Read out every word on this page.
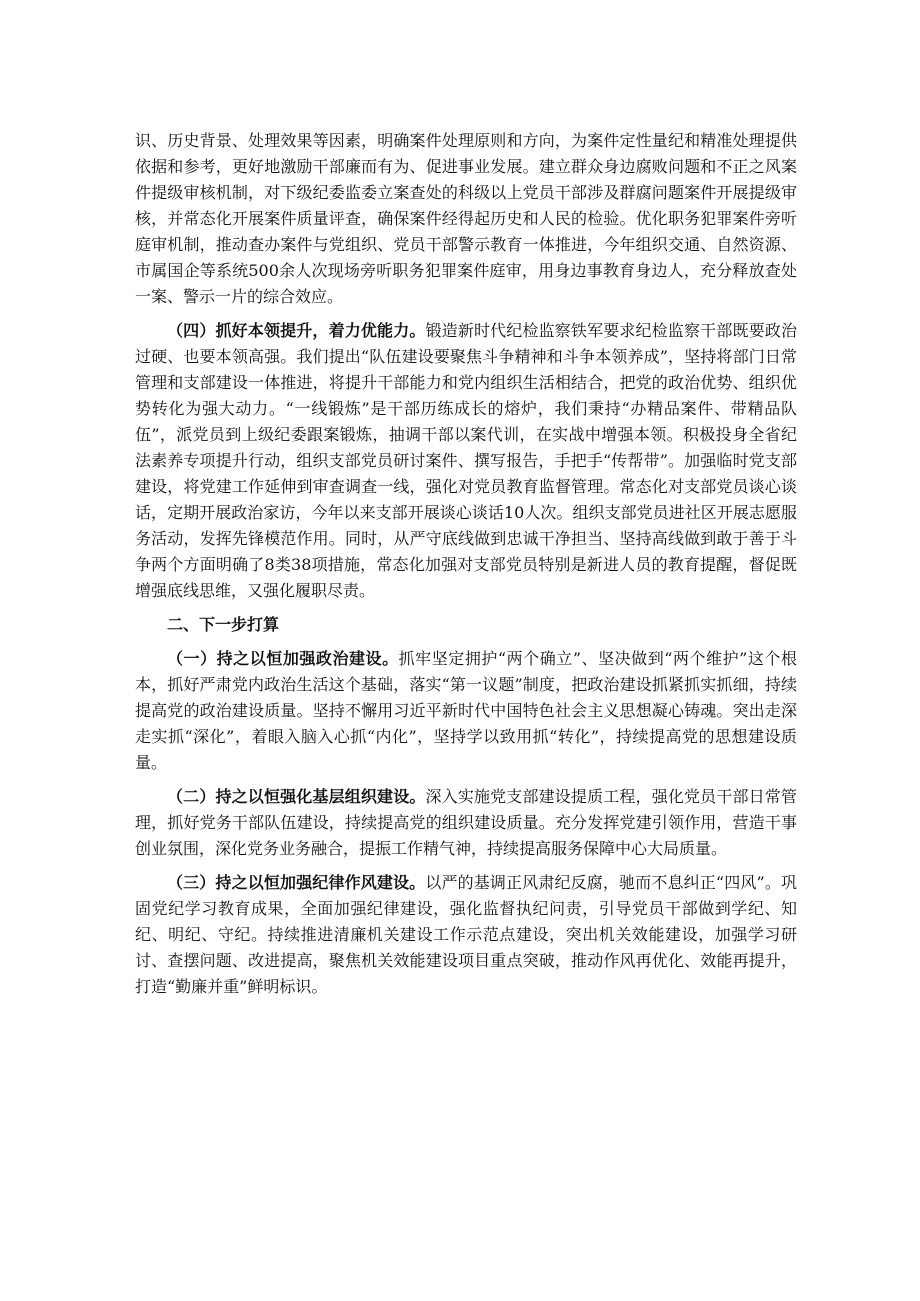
识、历史背景、处理效果等因素，明确案件处理原则和方向，为案件定性量纪和精准处理提供依据和参考，更好地激励干部廉而有为、促进事业发展。建立群众身边腐败问题和不正之风案件提级审核机制，对下级纪委监委立案查处的科级以上党员干部涉及群腐问题案件开展提级审核，并常态化开展案件质量评查，确保案件经得起历史和人民的检验。优化职务犯罪案件旁听庭审机制，推动查办案件与党组织、党员干部警示教育一体推进，今年组织交通、自然资源、市属国企等系统500余人次现场旁听职务犯罪案件庭审，用身边事教育身边人，充分释放查处一案、警示一片的综合效应。

（四）抓好本领提升，着力优能力。锻造新时代纪检监察铁军要求纪检监察干部既要政治过硬、也要本领高强。我们提出“队伍建设要聚焦斗争精神和斗争本领养成”，坚持将部门日常管理和支部建设一体推进，将提升干部能力和党内组织生活相结合，把党的政治优势、组织优势转化为强大动力。“一线锻炼”是干部历练成长的熔炉，我们秉持“办精品案件、带精品队伍”，派党员到上级纪委跟案锻炼，抽调干部以案代训，在实战中增强本领。积极投身全省纪法素养专项提升行动，组织支部党员研讨案件、撰写报告，手把手“传帮带”。加强临时党支部建设，将党建工作延伸到审查调查一线，强化对党员教育监督管理。常态化对支部党员谈心谈话，定期开展政治家访，今年以来支部开展谈心谈话10人次。组织支部党员进社区开展志愿服务活动，发挥先锋模范作用。同时，从严守底线做到忠诚干净担当、坚持高线做到敢于善于斗争两个方面明确了8类38项措施，常态化加强对支部党员特别是新进人员的教育提醒，督促既增强底线思维，又强化履职尽责。

二、下一步打算

（一）持之以恒加强政治建设。抓牢坚定拥护“两个确立”、坚决做到“两个维护”这个根本，抓好严肃党内政治生活这个基础，落实“第一议题”制度，把政治建设抓紧抓实抓细，持续提高党的政治建设质量。坚持不懈用习近平新时代中国特色社会主义思想凝心铸魂。突出走深走实抓“深化”，着眼入脑入心抓“内化”，坚持学以致用抓“转化”，持续提高党的思想建设质量。

（二）持之以恒强化基层组织建设。深入实施党支部建设提质工程，强化党员干部日常管理，抓好党务干部队伍建设，持续提高党的组织建设质量。充分发挥党建引领作用，营造干事创业氛围，深化党务业务融合，提振工作精气神，持续提高服务保障中心大局质量。

（三）持之以恒加强纪律作风建设。以严的基调正风肃纪反腐，驰而不息纠正“四风”。巩固党纪学习教育成果，全面加强纪律建设，强化监督执纪问责，引导党员干部做到学纪、知纪、明纪、守纪。持续推进清廉机关建设工作示范点建设，突出机关效能建设，加强学习研讨、查摆问题、改进提高，聚焦机关效能建设项目重点突破，推动作风再优化、效能再提升，打造“勤廉并重”鲜明标识。
